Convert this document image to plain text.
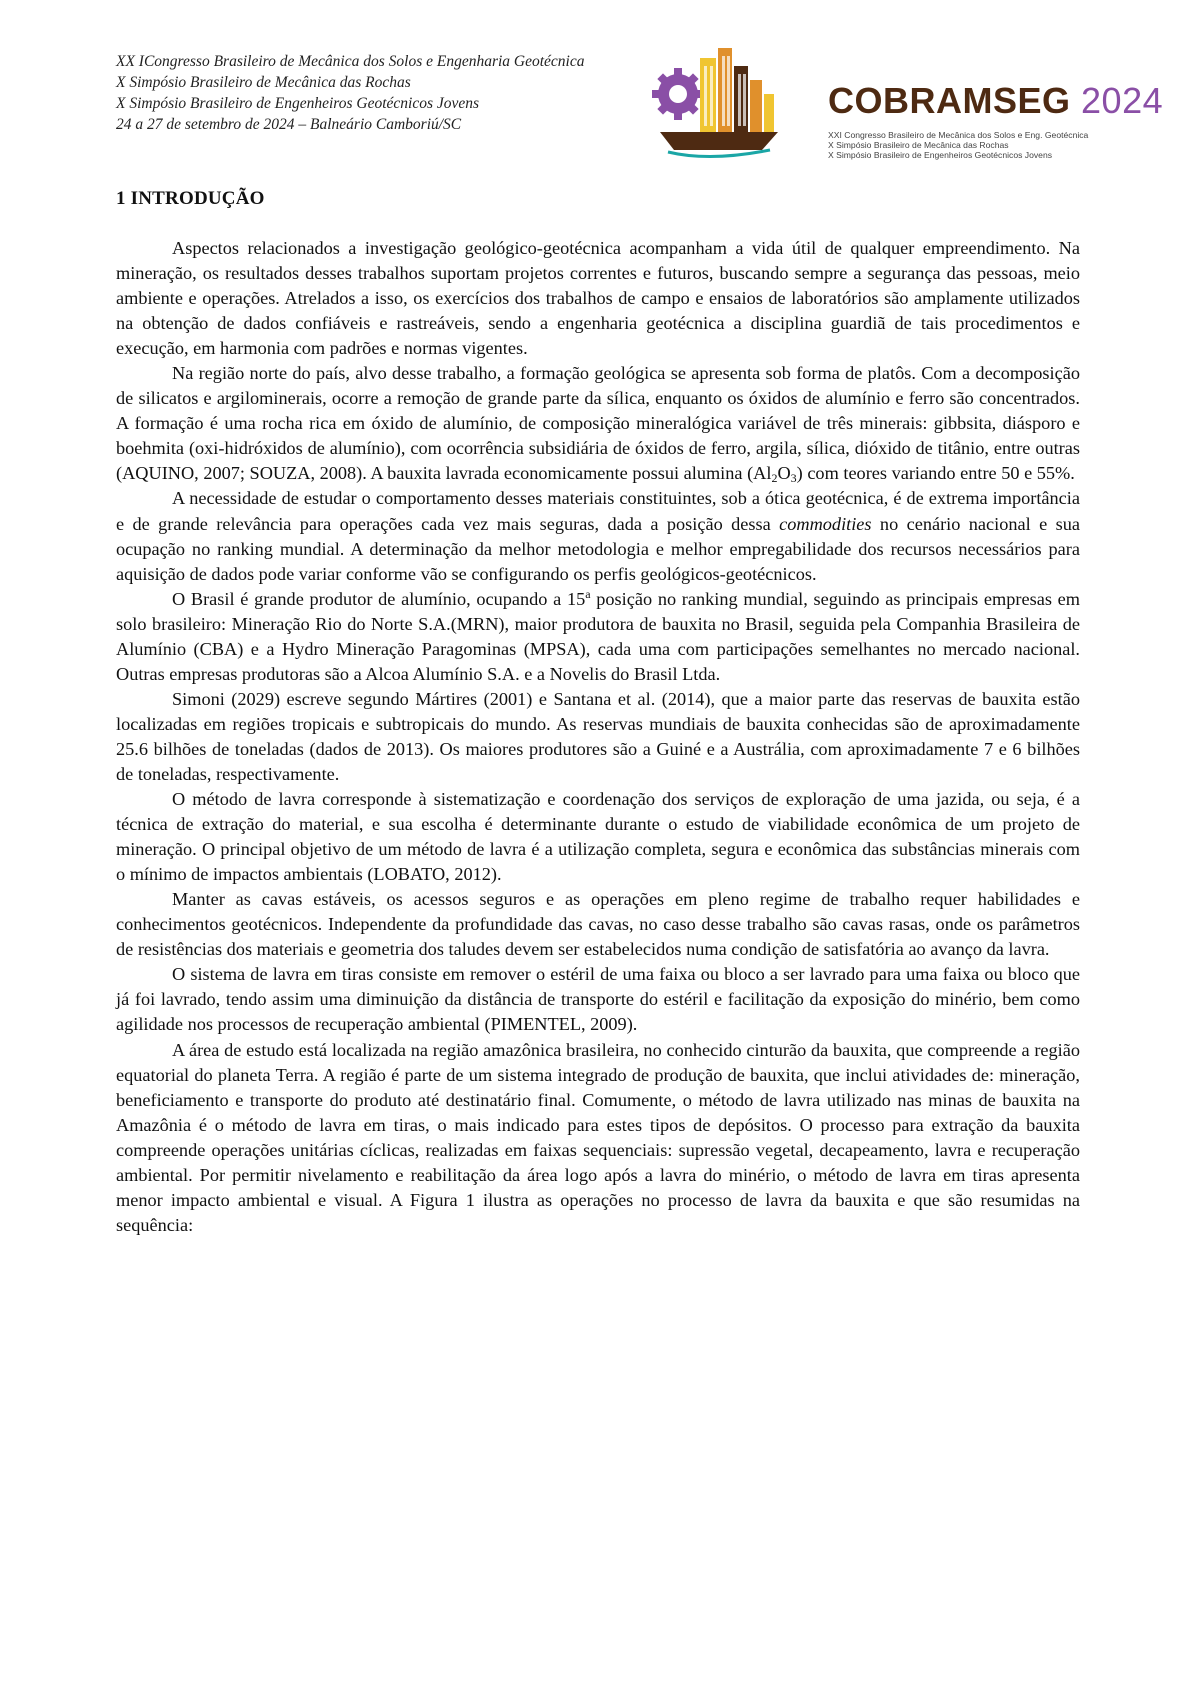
XX ICongresso Brasileiro de Mecânica dos Solos e Engenharia Geotécnica
X Simpósio Brasileiro de Mecânica das Rochas
X Simpósio Brasileiro de Engenheiros Geotécnicos Jovens
24 a 27 de setembro de 2024 – Balneário Camboriú/SC
COBRAMSEG 2024
XXI Congresso Brasileiro de Mecânica dos Solos e Eng. Geotécnica
X Simpósio Brasileiro de Mecânica das Rochas
X Simpósio Brasileiro de Engenheiros Geotécnicos Jovens
1 INTRODUÇÃO

Aspectos relacionados a investigação geológico-geotécnica acompanham a vida útil de qualquer empreendimento. Na mineração, os resultados desses trabalhos suportam projetos correntes e futuros, buscando sempre a segurança das pessoas, meio ambiente e operações. Atrelados a isso, os exercícios dos trabalhos de campo e ensaios de laboratórios são amplamente utilizados na obtenção de dados confiáveis e rastreáveis, sendo a engenharia geotécnica a disciplina guardiã de tais procedimentos e execução, em harmonia com padrões e normas vigentes.

Na região norte do país, alvo desse trabalho, a formação geológica se apresenta sob forma de platôs. Com a decomposição de silicatos e argilominerais, ocorre a remoção de grande parte da sílica, enquanto os óxidos de alumínio e ferro são concentrados. A formação é uma rocha rica em óxido de alumínio, de composição mineralógica variável de três minerais: gibbsita, diásporo e boehmita (oxi-hidróxidos de alumínio), com ocorrência subsidiária de óxidos de ferro, argila, sílica, dióxido de titânio, entre outras (AQUINO, 2007; SOUZA, 2008). A bauxita lavrada economicamente possui alumina $(Al_2O_3)$ com teores variando entre 50 e 55%.

A necessidade de estudar o comportamento desses materiais constituintes, sob a ótica geotécnica, é de extrema importância e de grande relevância para operações cada vez mais seguras, dada a posição dessa commodities no cenário nacional e sua ocupação no ranking mundial. A determinação da melhor metodologia e melhor empregabilidade dos recursos necessários para aquisição de dados pode variar conforme vão se configurando os perfis geológicos-geotécnicos.

O Brasil é grande produtor de alumínio, ocupando a 15$^a$ posição no ranking mundial, seguindo as principais empresas em solo brasileiro: Mineração Rio do Norte S.A.(MRN), maior produtora de bauxita no Brasil, seguida pela Companhia Brasileira de Alumínio (CBA) e a Hydro Mineração Paragominas (MPSA), cada uma com participações semelhantes no mercado nacional. Outras empresas produtoras são a Alcoa Alumínio S.A. e a Novelis do Brasil Ltda.

Simoni (2029) escreve segundo Mártires (2001) e Santana et al. (2014), que a maior parte das reservas de bauxita estão localizadas em regiões tropicais e subtropicais do mundo. As reservas mundiais de bauxita conhecidas são de aproximadamente 25.6 bilhões de toneladas (dados de 2013). Os maiores produtores são a Guiné e a Austrália, com aproximadamente 7 e 6 bilhões de toneladas, respectivamente.

O método de lavra corresponde à sistematização e coordenação dos serviços de exploração de uma jazida, ou seja, é a técnica de extração do material, e sua escolha é determinante durante o estudo de viabilidade econômica de um projeto de mineração. O principal objetivo de um método de lavra é a utilização completa, segura e econômica das substâncias minerais com o mínimo de impactos ambientais (LOBATO, 2012).

Manter as cavas estáveis, os acessos seguros e as operações em pleno regime de trabalho requer habilidades e conhecimentos geotécnicos. Independente da profundidade das cavas, no caso desse trabalho são cavas rasas, onde os parâmetros de resistências dos materiais e geometria dos taludes devem ser estabelecidos numa condição de satisfatória ao avanço da lavra.

O sistema de lavra em tiras consiste em remover o estéril de uma faixa ou bloco a ser lavrado para uma faixa ou bloco que já foi lavrado, tendo assim uma diminuição da distância de transporte do estéril e facilitação da exposição do minério, bem como agilidade nos processos de recuperação ambiental (PIMENTEL, 2009).

A área de estudo está localizada na região amazônica brasileira, no conhecido cinturão da bauxita, que compreende a região equatorial do planeta Terra. A região é parte de um sistema integrado de produção de bauxita, que inclui atividades de: mineração, beneficiamento e transporte do produto até destinatário final. Comumente, o método de lavra utilizado nas minas de bauxita na Amazônia é o método de lavra em tiras, o mais indicado para estes tipos de depósitos. O processo para extração da bauxita compreende operações unitárias cíclicas, realizadas em faixas sequenciais: supressão vegetal, decapeamento, lavra e recuperação ambiental. Por permitir nivelamento e reabilitação da área logo após a lavra do minério, o método de lavra em tiras apresenta menor impacto ambiental e visual. A Figura 1 ilustra as operações no processo de lavra da bauxita e que são resumidas na sequência:
